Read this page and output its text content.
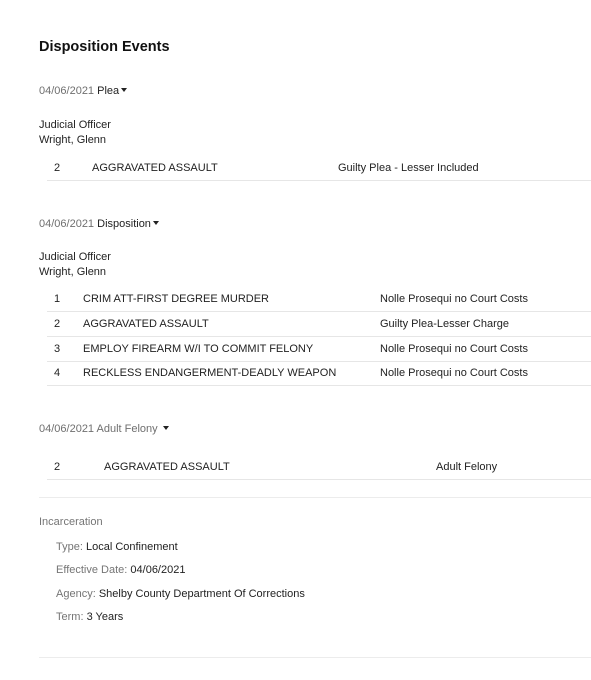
Disposition Events
04/06/2021 Plea
Judicial Officer
Wright, Glenn
2	AGGRAVATED ASSAULT	Guilty Plea - Lesser Included
04/06/2021 Disposition
Judicial Officer
Wright, Glenn
1 CRIM ATT-FIRST DEGREE MURDER	Nolle Prosequi no Court Costs
2 AGGRAVATED ASSAULT	Guilty Plea-Lesser Charge
3 EMPLOY FIREARM W/I TO COMMIT FELONY	Nolle Prosequi no Court Costs
4 RECKLESS ENDANGERMENT-DEADLY WEAPON	Nolle Prosequi no Court Costs
04/06/2021 Adult Felony
2	AGGRAVATED ASSAULT	Adult Felony
Incarceration
Type: Local Confinement
Effective Date: 04/06/2021
Agency: Shelby County Department Of Corrections
Term: 3 Years
